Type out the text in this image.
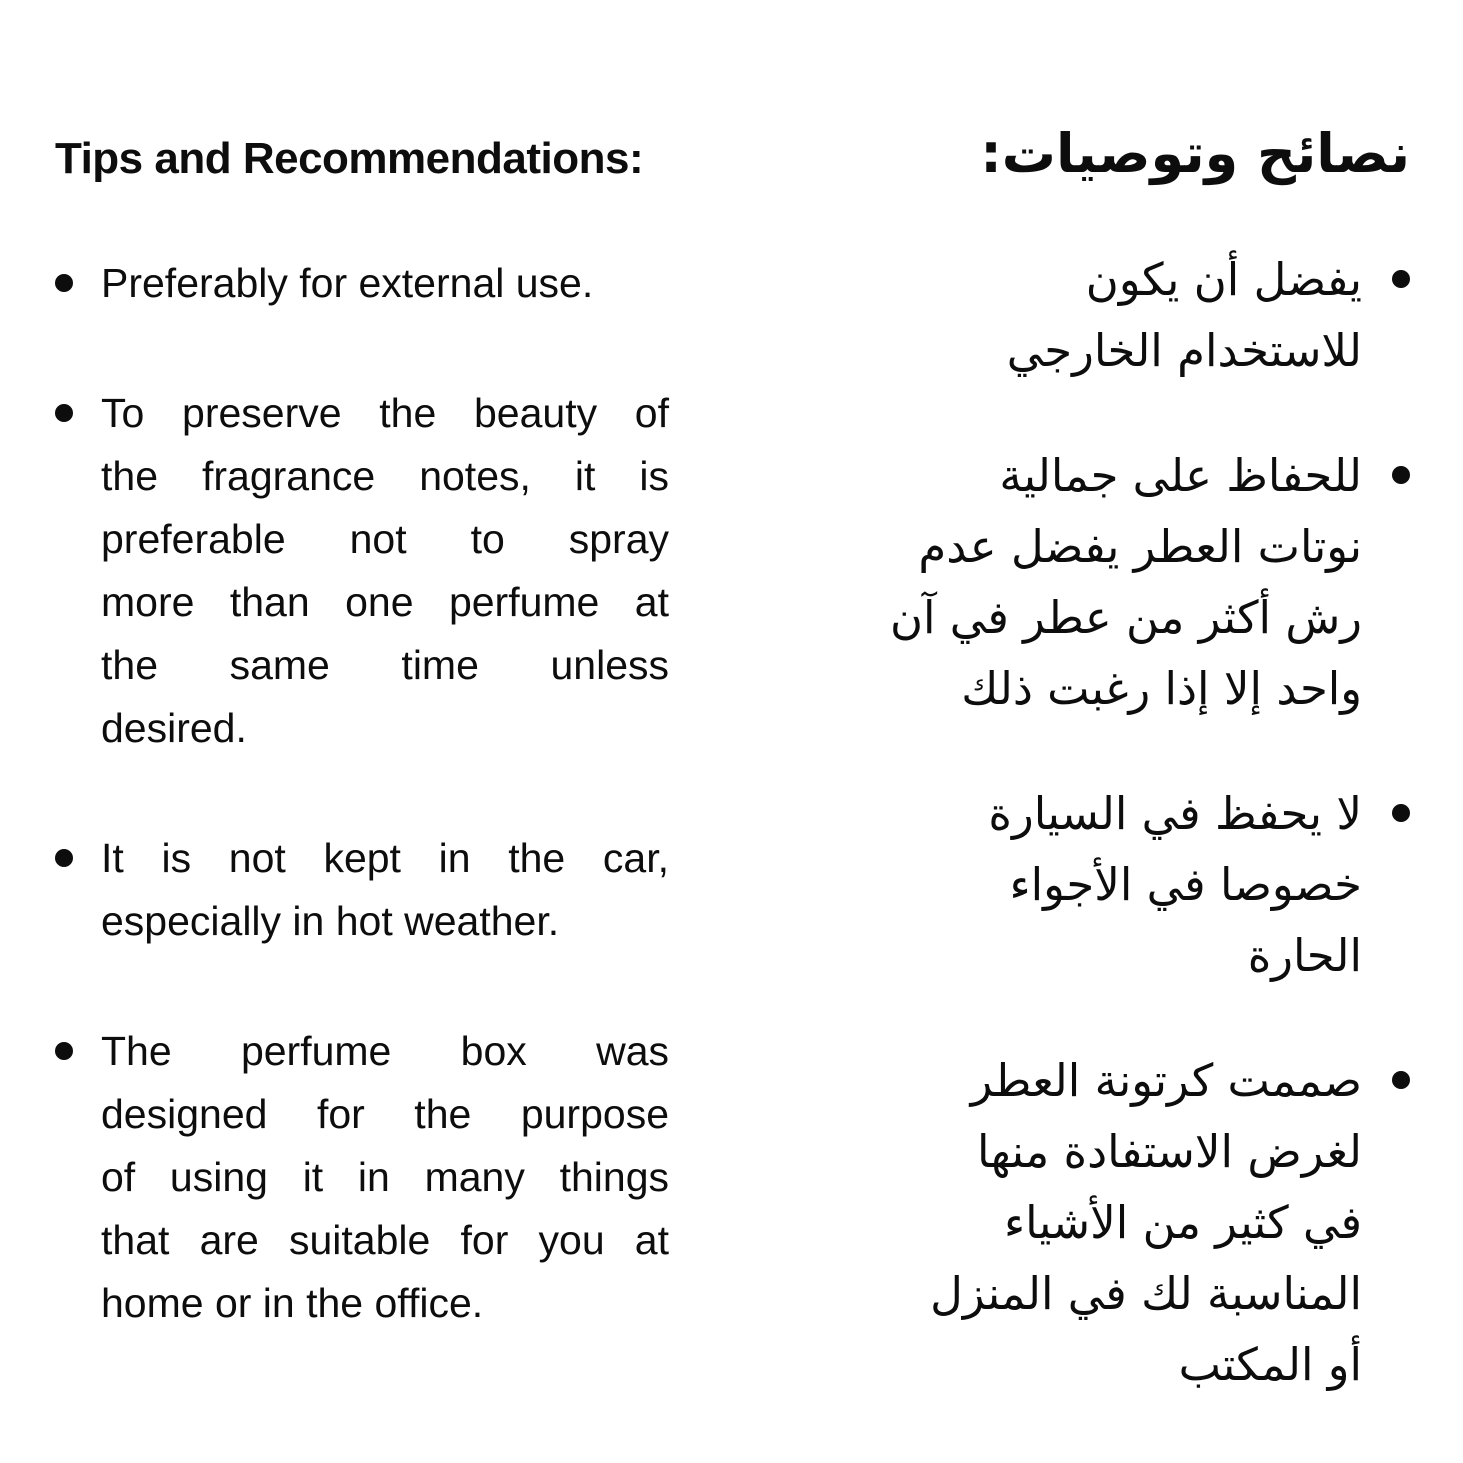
Tips and Recommendations:
Preferably for external use.
To preserve the beauty of
the fragrance notes, it is
preferable not to spray
more than one perfume at
the same time unless
desired.
It is not kept in the car,
especially in hot weather.
The perfume box was
designed for the purpose
of using it in many things
that are suitable for you at
home or in the office.
نصائح وتوصيات:
يفضل أن يكون
للاستخدام الخارجي
للحفاظ على جمالية
نوتات العطر يفضل عدم
رش أكثر من عطر في آن
واحد إلا إذا رغبت ذلك
لا يحفظ في السيارة
خصوصا في الأجواء
الحارة
صممت كرتونة العطر
لغرض الاستفادة منها
في كثير من الأشياء
المناسبة لك في المنزل
أو المكتب
